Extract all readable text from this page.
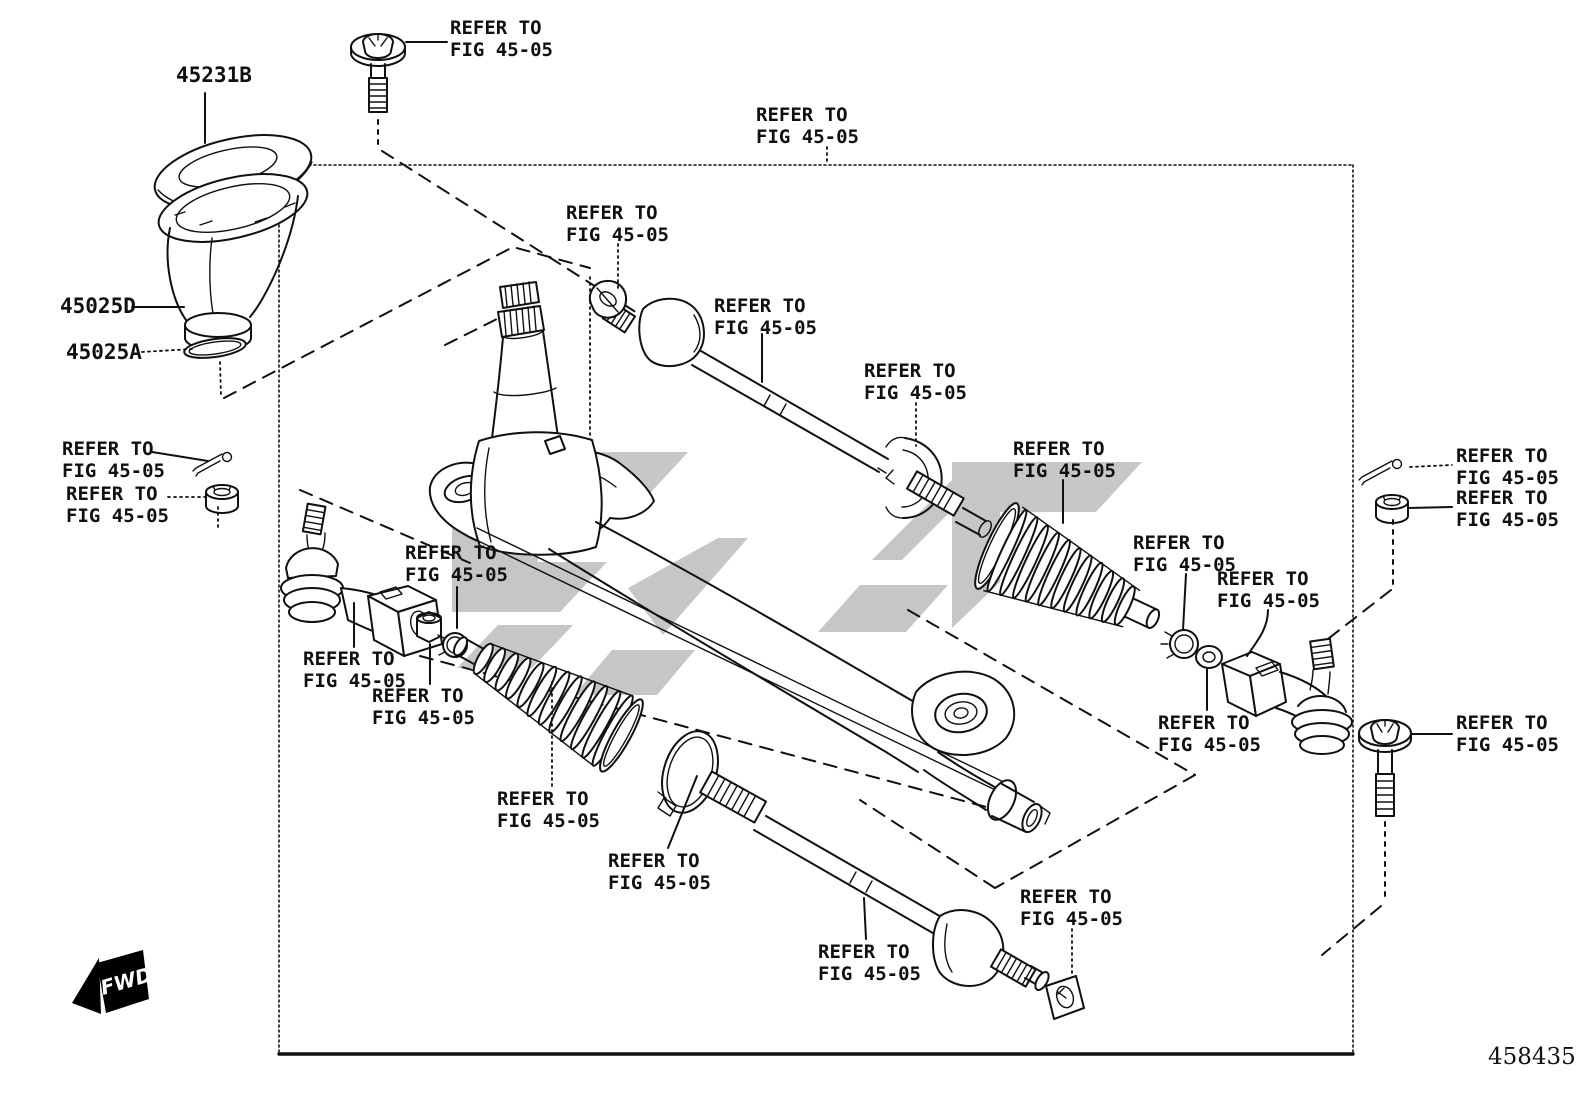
FWD
45231B
45025D
45025A
REFER TO
FIG 45-05
REFER TO
FIG 45-05
REFER TO
FIG 45-05
REFER TO
FIG 45-05
REFER TO
FIG 45-05
REFER TO
FIG 45-05
REFER TO
FIG 45-05
REFER TO
FIG 45-05
REFER TO
FIG 45-05
REFER TO
FIG 45-05
REFER TO
FIG 45-05
REFER TO
FIG 45-05
REFER TO
FIG 45-05
REFER TO
FIG 45-05
REFER TO
FIG 45-05
REFER TO
FIG 45-05
REFER TO
FIG 45-05
REFER TO
FIG 45-05
REFER TO
FIG 45-05
REFER TO
FIG 45-05
REFER TO
FIG 45-05
458435
